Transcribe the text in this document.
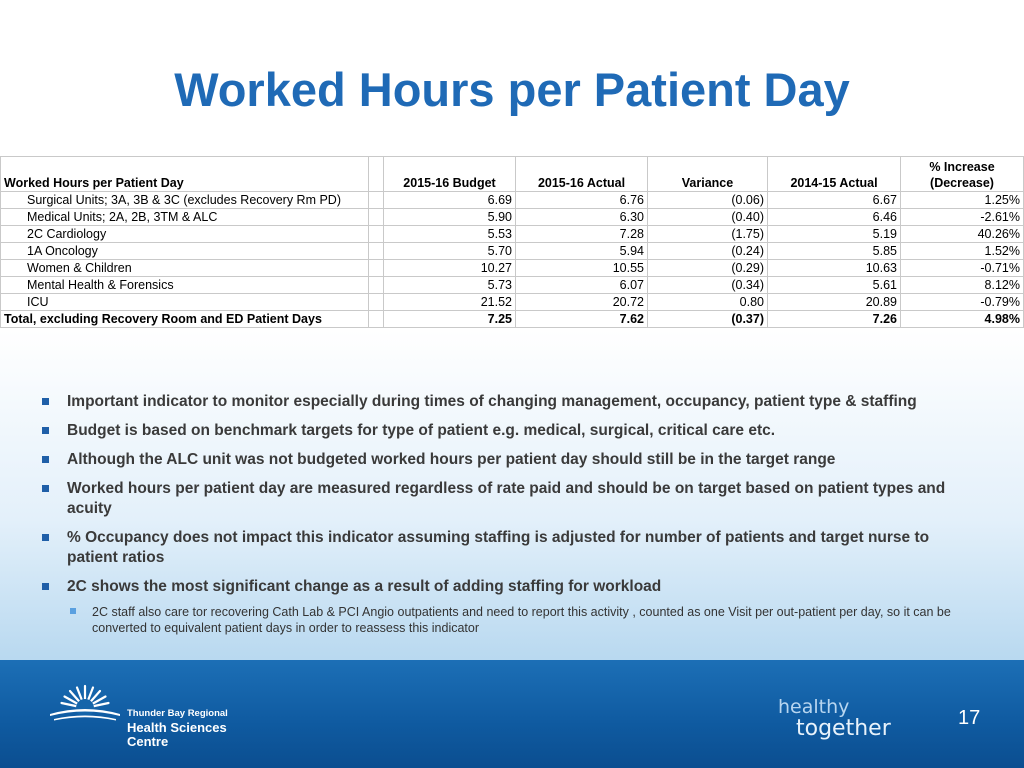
Worked Hours per Patient Day
Worked Hours per Patient Day		2015-16 Budget	2015-16 Actual	Variance	2014-15 Actual	% Increase
(Decrease)

Surgical Units; 3A, 3B & 3C (excludes Recovery Rm PD)		6.69	6.76	(0.06)	6.67	1.25%
Medical Units; 2A, 2B, 3TM & ALC		5.90	6.30	(0.40)	6.46	-2.61%
2C Cardiology		5.53	7.28	(1.75)	5.19	40.26%
1A Oncology		5.70	5.94	(0.24)	5.85	1.52%
Women & Children		10.27	10.55	(0.29)	10.63	-0.71%
Mental Health & Forensics		5.73	6.07	(0.34)	5.61	8.12%
ICU		21.52	20.72	0.80	20.89	-0.79%
Total, excluding Recovery Room and ED Patient Days		7.25	7.62	(0.37)	7.26	4.98%
Important indicator to monitor especially during times of changing management, occupancy, patient type & staffing
Budget is based on benchmark targets for type of patient e.g. medical, surgical, critical care etc.
Although the ALC unit was not budgeted worked hours per patient day should still be in the target range
Worked hours per patient day are measured regardless of rate paid and should be on target based on patient types and acuity
% Occupancy does not impact this indicator assuming staffing is adjusted for number of patients and target nurse to patient ratios
2C shows the most significant change as a result of adding staffing for workload
2C staff also care tor recovering Cath Lab & PCI Angio outpatients and need to report this activity , counted as one Visit per out-patient per day, so it can be converted to equivalent patient days in order to reassess this indicator
Thunder Bay Regional
Health Sciences
Centre
healthy
together	17
